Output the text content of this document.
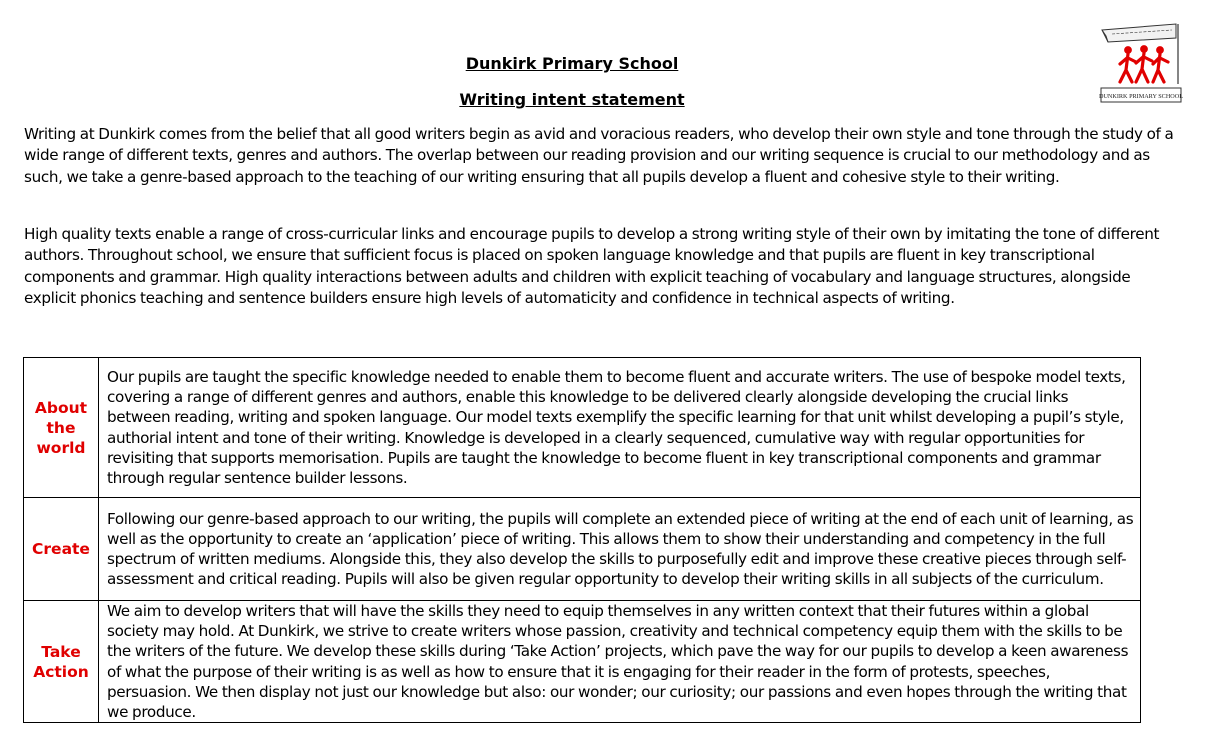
Dunkirk Primary School
Writing intent statement	DUNKIRK PRIMARY SCHOOL

Writing at Dunkirk comes from the belief that all good writers begin as avid and voracious readers, who develop their own style and tone through the study of a wide range of different texts, genres and authors. The overlap between our reading provision and our writing sequence is crucial to our methodology and as such, we take a genre-based approach to the teaching of our writing ensuring that all pupils develop a fluent and cohesive style to their writing.

High quality texts enable a range of cross-curricular links and encourage pupils to develop a strong writing style of their own by imitating the tone of different authors. Throughout school, we ensure that sufficient focus is placed on spoken language knowledge and that pupils are fluent in key transcriptional components and grammar. High quality interactions between adults and children with explicit teaching of vocabulary and language structures, alongside explicit phonics teaching and sentence builders ensure high levels of automaticity and confidence in technical aspects of writing.

About the world	Our pupils are taught the specific knowledge needed to enable them to become fluent and accurate writers. The use of bespoke model texts, covering a range of different genres and authors, enable this knowledge to be delivered clearly alongside developing the crucial links between reading, writing and spoken language. Our model texts exemplify the specific learning for that unit whilst developing a pupil’s style, authorial intent and tone of their writing. Knowledge is developed in a clearly sequenced, cumulative way with regular opportunities for revisiting that supports memorisation. Pupils are taught the knowledge to become fluent in key transcriptional components and grammar through regular sentence builder lessons.
Create	Following our genre-based approach to our writing, the pupils will complete an extended piece of writing at the end of each unit of learning, as well as the opportunity to create an ‘application’ piece of writing. This allows them to show their understanding and competency in the full spectrum of written mediums. Alongside this, they also develop the skills to purposefully edit and improve these creative pieces through self-assessment and critical reading. Pupils will also be given regular opportunity to develop their writing skills in all subjects of the curriculum.
Take Action	We aim to develop writers that will have the skills they need to equip themselves in any written context that their futures within a global society may hold. At Dunkirk, we strive to create writers whose passion, creativity and technical competency equip them with the skills to be the writers of the future. We develop these skills during ‘Take Action’ projects, which pave the way for our pupils to develop a keen awareness of what the purpose of their writing is as well as how to ensure that it is engaging for their reader in the form of protests, speeches, persuasion. We then display not just our knowledge but also: our wonder; our curiosity; our passions and even hopes through the writing that we produce.
